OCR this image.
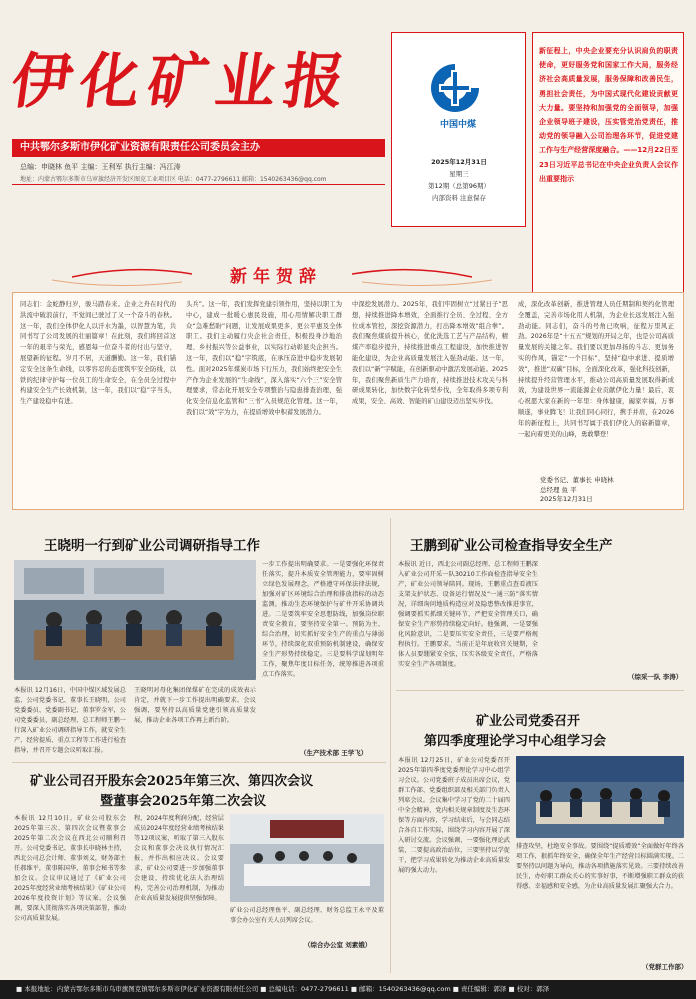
伊化矿业报
中共鄂尔多斯市伊化矿业资源有限责任公司委员会主办
总编：申晓林 鱼平 主编：王利军 执行主编：冯江涛
地址：内蒙古鄂尔多斯市乌审旗经济开发区图克工业项目区 电话：0477-2796611 邮箱：1540263436@qq.com
中国中煤
2025年12月31日
星期三
第12期（总第96期）
内部资料 注意保存
新征程上，中央企业要充分认识肩负的职责使命，更好服务党和国家工作大局，服务经济社会高质量发展，服务保障和改善民生，勇担社会责任，为中国式现代化建设贡献更大力量。要坚持和加强党的全面领导，加强企业领导班子建设，压实管党治党责任，推动党的领导融入公司治理各环节，促进党建工作与生产经营深度融合。——12月22日至23日习近平总书记在中央企业负责人会议作出重要指示
新年贺辞
同志们：金蛇静归岁，骏马踏春来。企业之舟在时代的洪流中破浪前行，不觉间已驶过了又一个奋斗的春秋。这一年，我们全体伊化人以汗水为墨，以智慧为笔，共同书写了公司发展的壮丽篇章！在此刻，我们将回首这一年的艰辛与荣光，感恩每一位奋斗者的付出与坚守，展望新的征程。岁月不居，天道酬勤。这一年，我们锚定安全这条生命线，以零容忍的态度筑牢安全防线，以铁的纪律守护每一位员工的生命安全，在全员全过程中构建安全生产长效机制，这一年，我们以“稳”字当头，生产建设稳中有进。
头兵”。这一年，我们发挥党建引领作用，坚持以职工为中心，建成一批暖心惠民设施，用心用情解决职工群众“急难愁盼”问题，让发展成果更多、更公平惠及全体职工。我们主动履行央企社会责任，积极投身沙地治理、乡村振兴等公益事业，以实际行动彰显央企担当。这一年，我们以“稳”字筑底，在承压奋进中稳步发展韧性。面对2025年煤炭市场下行压力，我们始终把安全生产作为企业发展的“生命线”，深入落实“六个三”安全管理要求，常态化开展安全专项整治与隐患排查治理，强化安全信息化监管和“三书”入员规范化管理。这一年，我们以“效”字为力，在提质增效中积蓄发展潜力。
中深挖发展潜力。2025年，我们牢固树立“过紧日子”思想，持续推进降本增效，全面推行全员、全过程、全方位成本管控，深挖资源潜力，打出降本增效“组合拳”。我们聚焦煤质提升核心，优化洗选工艺与产品结构，精煤产率稳步提升，持续推进重点工程建设，加快推进智能化建设，为企业高质量发展注入强劲动能。这一年，我们以“新”字赋能，在创新驱动中激活发展动能。2025年，我们聚焦新质生产力培育，持续推进技术攻关与科研成果转化，加快数字化转型步伐，全年取得多项专利成果，安全、高效、智能的矿山建设迈出坚实步伐。
成，深化改革创新，推进管理人员任期制和契约化管理全覆盖，完善市场化用人机制，为企业长远发展注入强劲动能。同志们，奋斗的号角已吹响，征程万里风正劲。2026年是“十五五”规划的开局之年，也是公司高质量发展的关键之年。我们要以更加昂扬的斗志、更加务实的作风，锚定“一个目标”，坚持“稳中求进、提质增效”，推进“双碳”目标，全面深化改革，强化科技创新，持续提升经营管理水平，推动公司高质量发展取得新成效，为建设世界一流能源企业贡献伊化力量！最后，衷心祝愿大家在新的一年里：身体健康，阖家幸福，万事顺遂，事业腾飞！让我们同心同行，携手并肩，在2026年的新征程上，共同书写属于我们伊化人的崭新篇章，一起向着更美的山峰，勇敢攀登！
党委书记、董事长 申晓林
总经理 鱼 平
2025年12月31日
王晓明一行到矿业公司调研指导工作
本报讯 12月16日，中国中煤区域发展总监、公司党委书记、董事长王晓明，公司党委委员、党委副书记、董事罗金军，公司党委委员、副总经理、总工程师王鹏一行深入矿业公司调研指导工作，就安全生产、经营提质、重点工程等工作进行检查指导，并召开专题会议听取汇报。
王晓明对母化集团保煤矿在完成的成效表示肯定，并就下一步工作提出明确要求。会议强调，要坚持以高质量党建引领高质量发展，推动企业各项工作再上新台阶。
一步工作提出明确要求。一是要强化环保责任落实，提升本质安全管理能力，要牢固树立绿色发展理念，严格遵守环保法律法规，加强对矿区环境综合治理和排放指标的动态监测，推动生态环境保护与矿井开采协调共进。二是要筑牢安全思想防线，加强岗位职责安全教育，要坚持安全第一、预防为主、综合治理，切实抓好安全生产的重点与薄弱环节，持续深化双重预防机制建设，确保安全生产形势持续稳定。三是要科学谋划明年工作，聚焦年度目标任务，统筹推进各项重点工作落实。
（生产技术部 王学飞）
矿业公司召开股东会2025年第三次、第四次会议
暨董事会2025年第二次会议
本报讯 12月10日，矿业公司股东会2025年第三次、第四次会议暨董事会2025年第二次会议在西北公司顺利召开。公司党委书记、董事长申晓林主持，西北公司总会计师、董事刘义，财务部主任郝维平，董事陈国华，董事会秘书等参加会议。会议审议通过了《矿业公司2025年度经营业绩考核结果》《矿业公司2026年度投资计划》等议案。会议强调，要深入贯彻落实各项决策部署，推动公司高质量发展。
程，2024年度利润分配，经营层成员2024年度经营业绩考核结果等12项议案，听取了第三入股东会议和董事会决议执行情况汇报，并作出相应决议。会议要求，矿业公司要进一步加强董事会建设，持续优化法人治理结构，完善公司治理机制，为推动企业高质量发展提供坚强保障。
矿业公司总经理鱼平、副总经理、财务总监王永平及董事会办公室有关人员列席会议。
（综合办公室 刘素娥）
王鹏到矿业公司检查指导安全生产
本报讯 近日，西北公司副总经理、总工程师王鹏深入矿业公司开采一队30210工作面检查指导安全生产，矿业公司领导陪同。现场，王鹏重点查看液压支架支护状态、设备运行情况及“一通三防”落实情况，详细询问地质构造应对及隐患整改推进事宜，强调要抓实抓细关键环节，严把安全管理关口，确保安全生产形势持续稳定向好。他强调，一是要强化风险意识，二是要压实安全责任，三是要严格规程执行。王鹏要求，当前正是年底收官关键期，全体人员要绷紧安全弦，压实各级安全责任，严格落实安全生产各项制度。
（综采一队 李涛）
矿业公司党委召开
第四季度理论学习中心组学习会
本报讯 12月25日，矿业公司党委召开2025年第四季度党委理论学习中心组学习会议。公司党委班子成员出席会议，党群工作部、党委组织部及相关部门负责人列席会议。会议集中学习了党的二十届四中全会精神，党内相关规章制度及生态环保等方面内容，学习结束后，与会同志结合各自工作实际，围绕学习内容开展了深入研讨交流。会议强调，一要强化理论武装，二要提高政治站位，三要坚持以学促干，把学习成果转化为推动企业高质量发展的强大动力。
排查攻坚，杜绝安全事故。要围绕“提质增效”全面做好年终各项工作，狠抓年终安全，确保全年生产经营目标圆满实现。二要坚持以问题为导向，推动各项措施落实见效。三要持续改善民生，办好职工群众关心的实事好事，不断增强职工群众的获得感、幸福感和安全感，为企业高质量发展汇聚强大合力。
（党群工作部）
■ 本报地址：内蒙古鄂尔多斯市乌审旗图克镇鄂尔多斯市伊化矿业资源有限责任公司 ■ 总编电话：0477-2796611 ■ 邮箱：1540263436@qq.com ■ 责任编辑：郭泽 ■ 校对：郭泽
